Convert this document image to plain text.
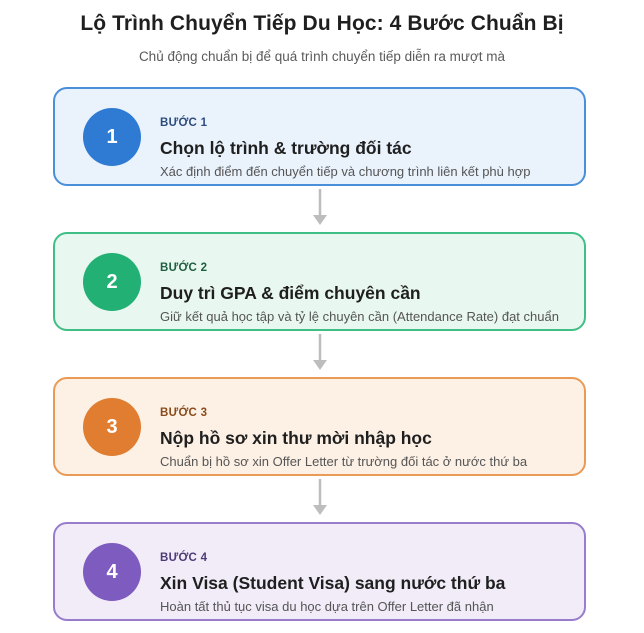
Lộ Trình Chuyển Tiếp Du Học: 4 Bước Chuẩn Bị
Chủ động chuẩn bị để quá trình chuyển tiếp diễn ra mượt mà
1
BƯỚC 1
Chọn lộ trình & trường đối tác
Xác định điểm đến chuyển tiếp và chương trình liên kết phù hợp
2
BƯỚC 2
Duy trì GPA & điểm chuyên cần
Giữ kết quả học tập và tỷ lệ chuyên cần (Attendance Rate) đạt chuẩn
3
BƯỚC 3
Nộp hồ sơ xin thư mời nhập học
Chuẩn bị hồ sơ xin Offer Letter từ trường đối tác ở nước thứ ba
4
BƯỚC 4
Xin Visa (Student Visa) sang nước thứ ba
Hoàn tất thủ tục visa du học dựa trên Offer Letter đã nhận
